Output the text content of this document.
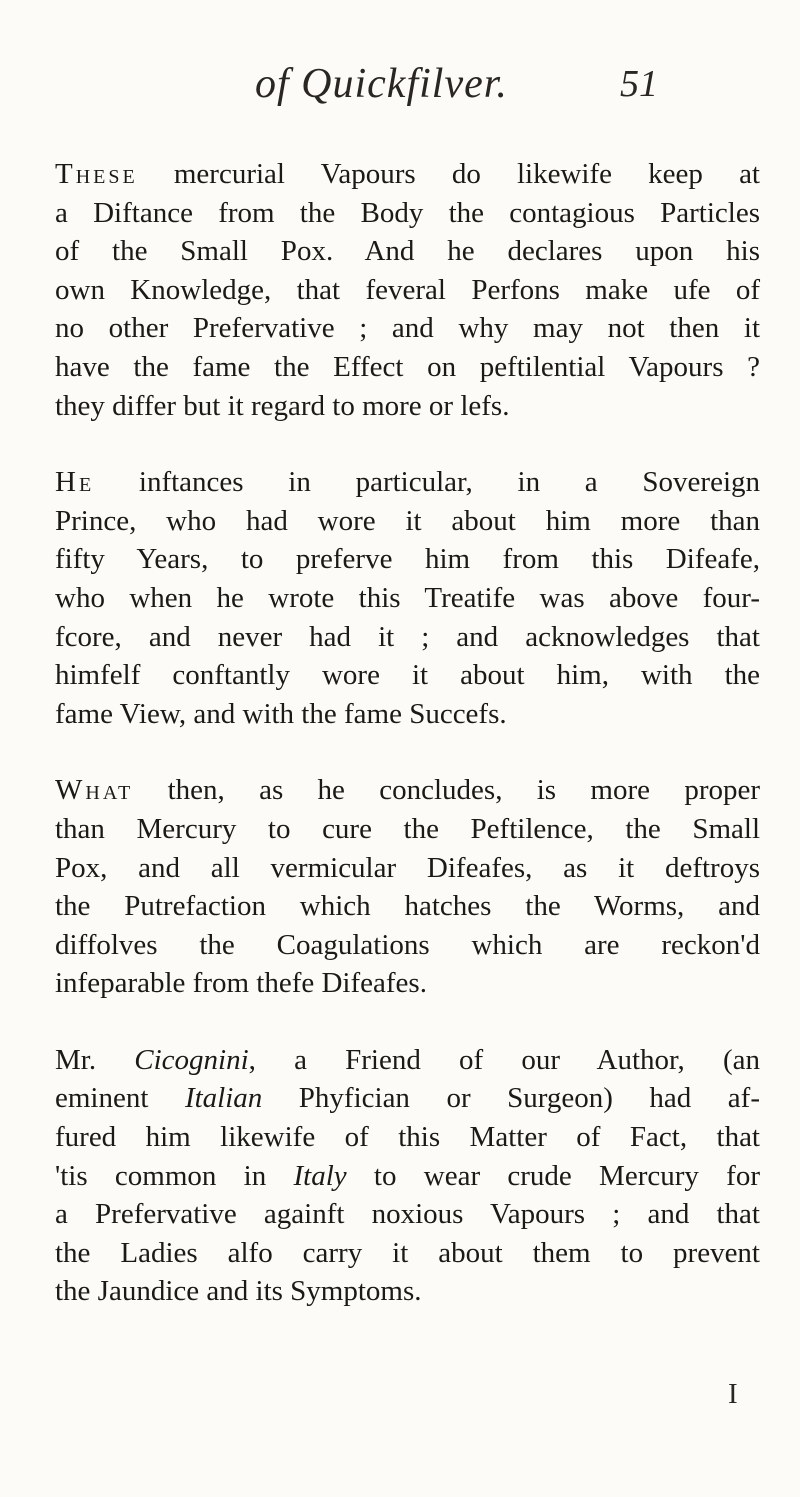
of Quickfilver.	51

These mercurial Vapours do likewife keep at
a Diftance from the Body the contagious Particles
of the Small Pox. And he declares upon his
own Knowledge, that feveral Perfons make ufe of
no other Prefervative ; and why may not then it
have the fame the Effect on peftilential Vapours ?
they differ but it regard to more or lefs.

He inftances in particular, in a Sovereign
Prince, who had wore it about him more than
fifty Years, to preferve him from this Difeafe,
who when he wrote this Treatife was above four-
fcore, and never had it ; and acknowledges that
himfelf conftantly wore it about him, with the
fame View, and with the fame Succefs.

What then, as he concludes, is more proper
than Mercury to cure the Peftilence, the Small
Pox, and all vermicular Difeafes, as it deftroys
the Putrefaction which hatches the Worms, and
diffolves the Coagulations which are reckon'd
infeparable from thefe Difeafes.

Mr. Cicognini, a Friend of our Author, (an
eminent Italian Phyfician or Surgeon) had af-
fured him likewife of this Matter of Fact, that
'tis common in Italy to wear crude Mercury for
a Prefervative againft noxious Vapours ; and that
the Ladies alfo carry it about them to prevent
the Jaundice and its Symptoms.

I
